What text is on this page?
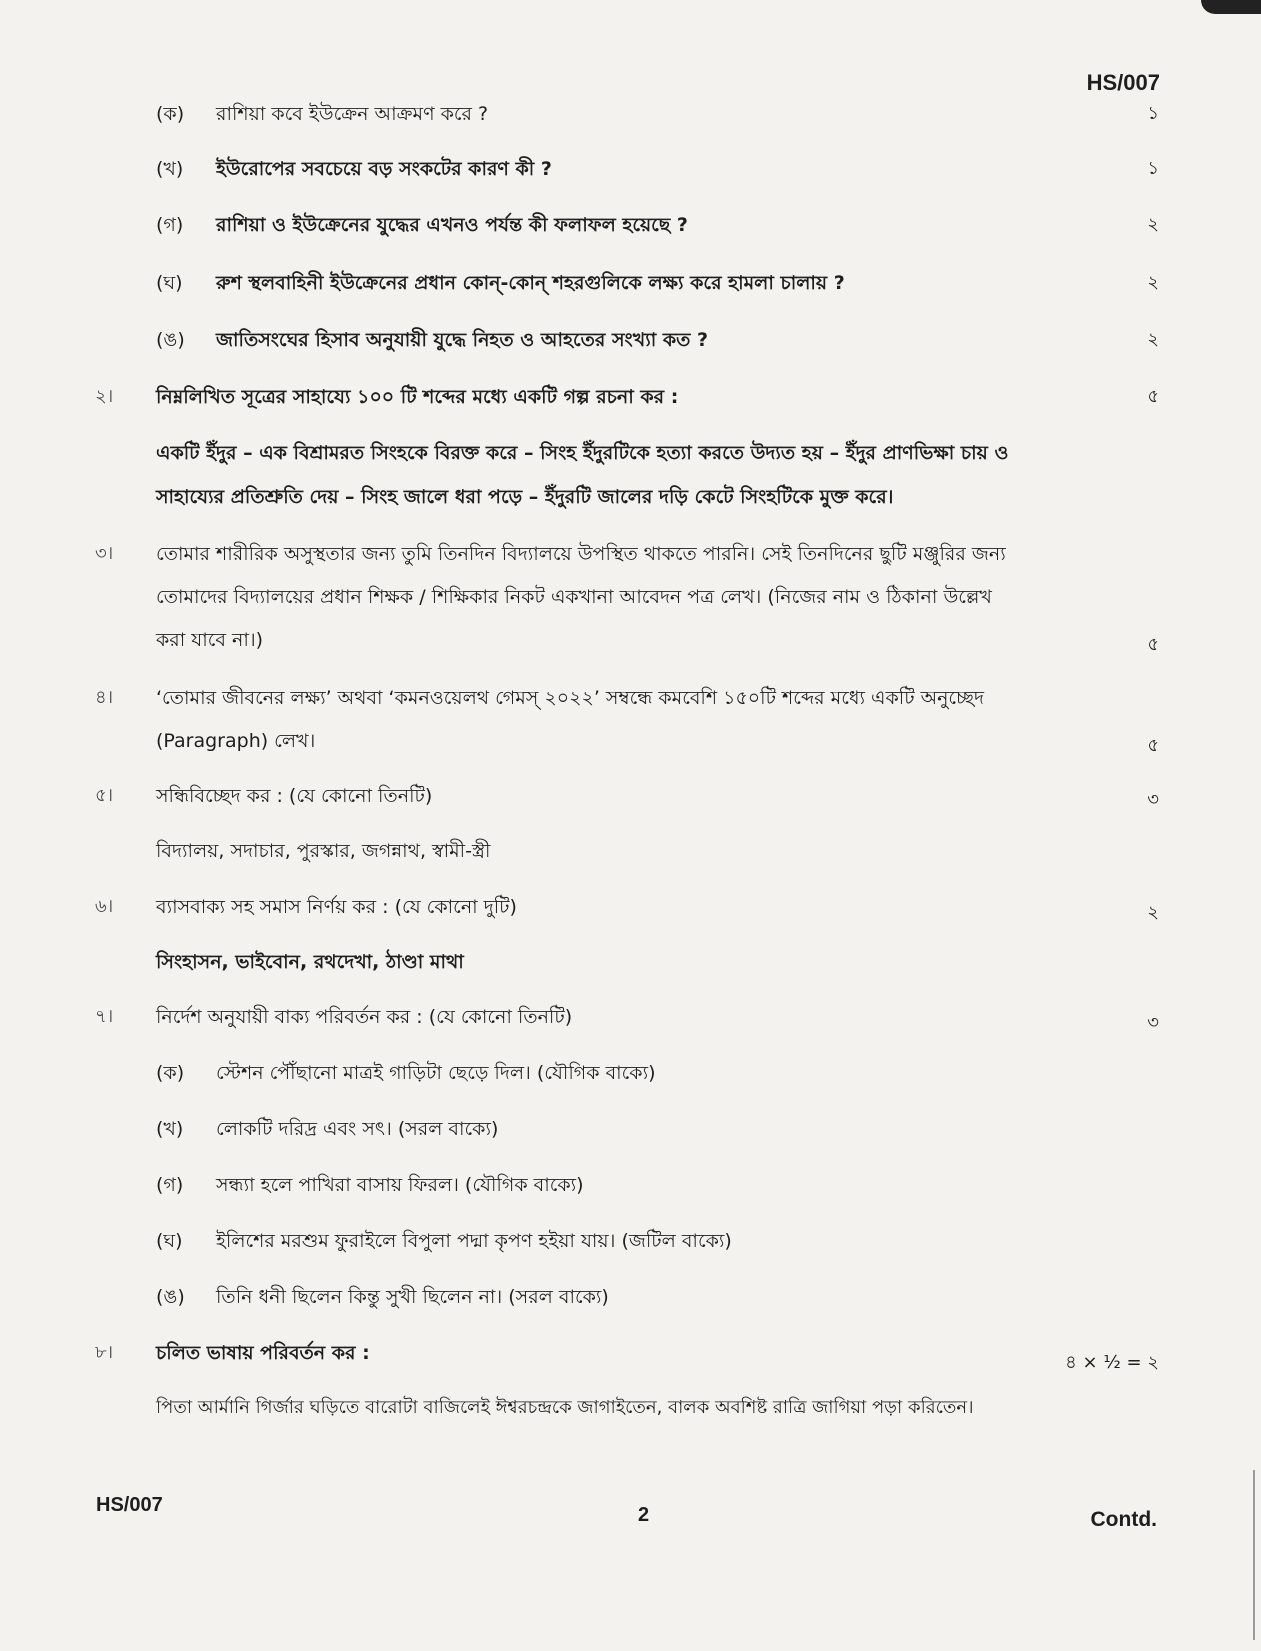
HS/007
(ক) রাশিয়া কবে ইউক্রেন আক্রমণ করে ?	১
(খ) ইউরোপের সবচেয়ে বড় সংকটের কারণ কী ?	১
(গ) রাশিয়া ও ইউক্রেনের যুদ্ধের এখনও পর্যন্ত কী ফলাফল হয়েছে ?	২
(ঘ) রুশ স্থলবাহিনী ইউক্রেনের প্রধান কোন্‌-কোন্‌ শহরগুলিকে লক্ষ্য করে হামলা চালায় ?	২
(ঙ) জাতিসংঘের হিসাব অনুযায়ী যুদ্ধে নিহত ও আহতের সংখ্যা কত ?	২
২। নিম্নলিখিত সূত্রের সাহায্যে ১০০ টি শব্দের মধ্যে একটি গল্প রচনা কর :	৫
একটি ইঁদুর – এক বিশ্রামরত সিংহকে বিরক্ত করে – সিংহ ইঁদুরটিকে হত্যা করতে উদ্যত হয় – ইঁদুর প্রাণভিক্ষা চায় ও
সাহায্যের প্রতিশ্রুতি দেয় – সিংহ জালে ধরা পড়ে – ইঁদুরটি জালের দড়ি কেটে সিংহটিকে মুক্ত করে।
৩। তোমার শারীরিক অসুস্থতার জন্য তুমি তিনদিন বিদ্যালয়ে উপস্থিত থাকতে পারনি। সেই তিনদিনের ছুটি মঞ্জুরির জন্য
তোমাদের বিদ্যালয়ের প্রধান শিক্ষক / শিক্ষিকার নিকট একখানা আবেদন পত্র লেখ। (নিজের নাম ও ঠিকানা উল্লেখ
করা যাবে না।)	৫
৪। ‘তোমার জীবনের লক্ষ্য’ অথবা ‘কমনওয়েলথ গেমস্‌ ২০২২’ সম্বন্ধে কমবেশি ১৫০টি শব্দের মধ্যে একটি অনুচ্ছেদ
(Paragraph) লেখ।	৫
৫। সন্ধিবিচ্ছেদ কর : (যে কোনো তিনটি)	৩
বিদ্যালয়, সদাচার, পুরস্কার, জগন্নাথ, স্বামী-স্ত্রী
৬। ব্যাসবাক্য সহ সমাস নির্ণয় কর : (যে কোনো দুটি)	২
সিংহাসন, ভাইবোন, রথদেখা, ঠাণ্ডা মাথা
৭। নির্দেশ অনুযায়ী বাক্য পরিবর্তন কর : (যে কোনো তিনটি)	৩
(ক) স্টেশন পৌঁছানো মাত্রই গাড়িটা ছেড়ে দিল। (যৌগিক বাক্যে)
(খ) লোকটি দরিদ্র এবং সৎ। (সরল বাক্যে)
(গ) সন্ধ্যা হলে পাখিরা বাসায় ফিরল। (যৌগিক বাক্যে)
(ঘ) ইলিশের মরশুম ফুরাইলে বিপুলা পদ্মা কৃপণ হইয়া যায়। (জটিল বাক্যে)
(ঙ) তিনি ধনী ছিলেন কিন্তু সুখী ছিলেন না। (সরল বাক্যে)
৮। চলিত ভাষায় পরিবর্তন কর :	৪ × ½ = ২
পিতা আর্মানি গির্জার ঘড়িতে বারোটা বাজিলেই ঈশ্বরচন্দ্রকে জাগাইতেন, বালক অবশিষ্ট রাত্রি জাগিয়া পড়া করিতেন।
HS/007	2	Contd.
